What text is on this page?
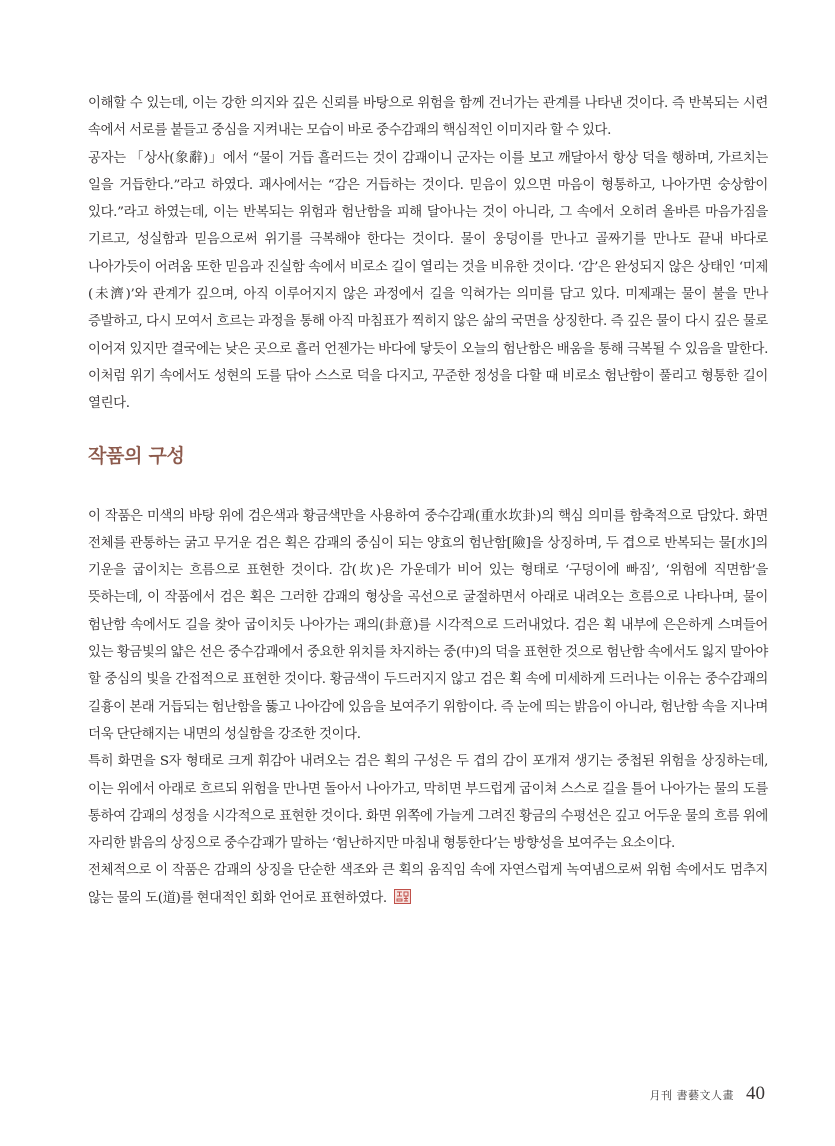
이해할 수 있는데, 이는 강한 의지와 깊은 신뢰를 바탕으로 위험을 함께 건너가는 관계를 나타낸 것이다. 즉 반복되는 시련 속에서 서로를 붙들고 중심을 지켜내는 모습이 바로 중수감괘의 핵심적인 이미지라 할 수 있다.

공자는 「상사(象辭)」에서 “물이 거듭 흘러드는 것이 감괘이니 군자는 이를 보고 깨달아서 항상 덕을 행하며, 가르치는 일을 거듭한다.”라고 하였다. 괘사에서는 “감은 거듭하는 것이다. 믿음이 있으면 마음이 형통하고, 나아가면 숭상함이 있다.”라고 하였는데, 이는 반복되는 위험과 험난함을 피해 달아나는 것이 아니라, 그 속에서 오히려 올바른 마음가짐을 기르고, 성실함과 믿음으로써 위기를 극복해야 한다는 것이다. 물이 웅덩이를 만나고 골짜기를 만나도 끝내 바다로 나아가듯이 어려움 또한 믿음과 진실함 속에서 비로소 길이 열리는 것을 비유한 것이다. ‘감’은 완성되지 않은 상태인 ‘미제(未濟)’와 관계가 깊으며, 아직 이루어지지 않은 과정에서 길을 익혀가는 의미를 담고 있다. 미제괘는 물이 불을 만나 증발하고, 다시 모여서 흐르는 과정을 통해 아직 마침표가 찍히지 않은 삶의 국면을 상징한다. 즉 깊은 물이 다시 깊은 물로 이어져 있지만 결국에는 낮은 곳으로 흘러 언젠가는 바다에 닿듯이 오늘의 험난함은 배움을 통해 극복될 수 있음을 말한다. 이처럼 위기 속에서도 성현의 도를 닦아 스스로 덕을 다지고, 꾸준한 정성을 다할 때 비로소 험난함이 풀리고 형통한 길이 열린다.

작품의 구성

이 작품은 미색의 바탕 위에 검은색과 황금색만을 사용하여 중수감괘(重水坎卦)의 핵심 의미를 함축적으로 담았다. 화면 전체를 관통하는 굵고 무거운 검은 획은 감괘의 중심이 되는 양효의 험난함[險]을 상징하며, 두 겹으로 반복되는 물[水]의 기운을 굽이치는 흐름으로 표현한 것이다. 감(坎)은 가운데가 비어 있는 형태로 ‘구덩이에 빠짐’, ‘위험에 직면함’을 뜻하는데, 이 작품에서 검은 획은 그러한 감괘의 형상을 곡선으로 굴절하면서 아래로 내려오는 흐름으로 나타나며, 물이 험난함 속에서도 길을 찾아 굽이치듯 나아가는 괘의(卦意)를 시각적으로 드러내었다. 검은 획 내부에 은은하게 스며들어 있는 황금빛의 얇은 선은 중수감괘에서 중요한 위치를 차지하는 중(中)의 덕을 표현한 것으로 험난함 속에서도 잃지 말아야 할 중심의 빛을 간접적으로 표현한 것이다. 황금색이 두드러지지 않고 검은 획 속에 미세하게 드러나는 이유는 중수감괘의 길흉이 본래 거듭되는 험난함을 뚫고 나아감에 있음을 보여주기 위함이다. 즉 눈에 띄는 밝음이 아니라, 험난함 속을 지나며 더욱 단단해지는 내면의 성실함을 강조한 것이다.

특히 화면을 S자 형태로 크게 휘감아 내려오는 검은 획의 구성은 두 겹의 감이 포개져 생기는 중첩된 위험을 상징하는데, 이는 위에서 아래로 흐르되 위험을 만나면 돌아서 나아가고, 막히면 부드럽게 굽이쳐 스스로 길을 틀어 나아가는 물의 도를 통하여 감괘의 성정을 시각적으로 표현한 것이다. 화면 위쪽에 가늘게 그려진 황금의 수평선은 깊고 어두운 물의 흐름 위에 자리한 밝음의 상징으로 중수감괘가 말하는 ‘험난하지만 마침내 형통한다’는 방향성을 보여주는 요소이다.

전체적으로 이 작품은 감괘의 상징을 단순한 색조와 큰 획의 움직임 속에 자연스럽게 녹여냄으로써 위험 속에서도 멈추지 않는 물의 도(道)를 현대적인 회화 언어로 표현하였다.

月刊 書藝文人畫 40
